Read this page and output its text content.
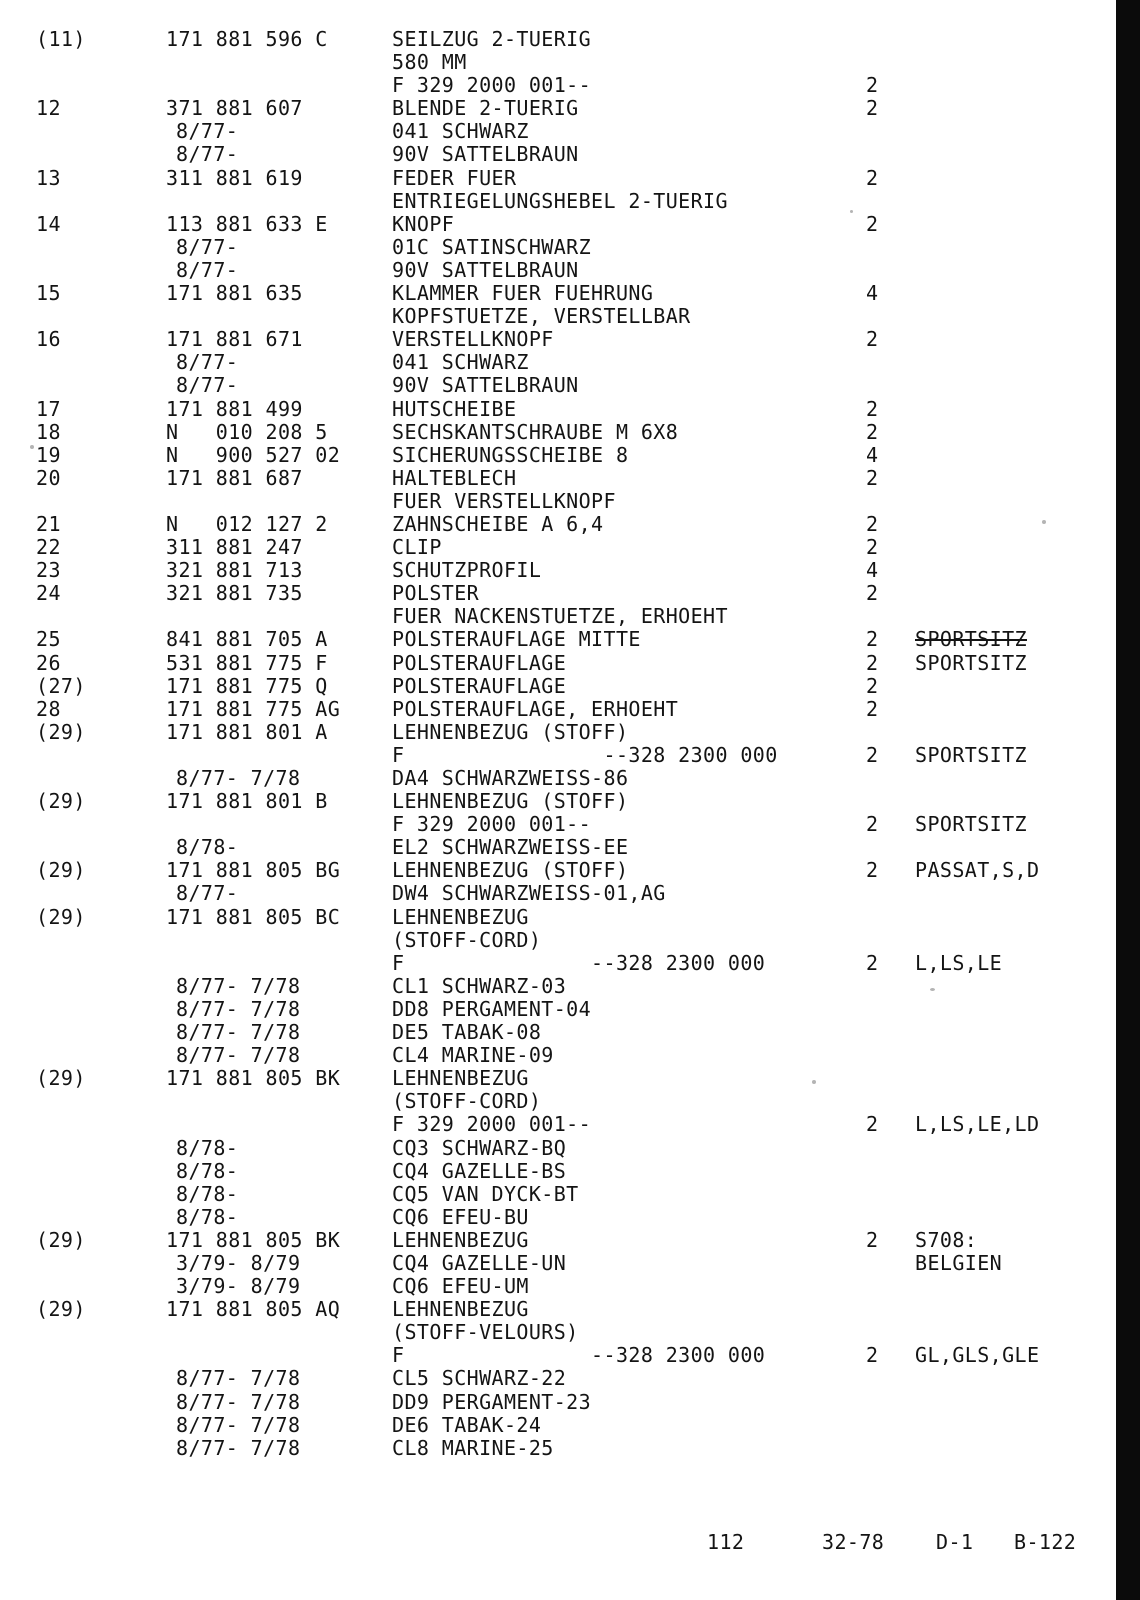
(11)	171 881 596 C	SEILZUG 2-TUERIG
580 MM
F 329 2000 001--	2
12	371 881 607	BLENDE 2-TUERIG	2
8/77-	041 SCHWARZ
8/77-	90V SATTELBRAUN
13	311 881 619	FEDER FUER	2
ENTRIEGELUNGSHEBEL 2-TUERIG
14	113 881 633 E	KNOPF	2
8/77-	01C SATINSCHWARZ
8/77-	90V SATTELBRAUN
15	171 881 635	KLAMMER FUER FUEHRUNG	4
KOPFSTUETZE, VERSTELLBAR
16	171 881 671	VERSTELLKNOPF	2
8/77-	041 SCHWARZ
8/77-	90V SATTELBRAUN
17	171 881 499	HUTSCHEIBE	2
18	N   010 208 5	SECHSKANTSCHRAUBE M 6X8	2
19	N   900 527 02	SICHERUNGSSCHEIBE 8	4
20	171 881 687	HALTEBLECH	2
FUER VERSTELLKNOPF
21	N   012 127 2	ZAHNSCHEIBE A 6,4	2
22	311 881 247	CLIP	2
23	321 881 713	SCHUTZPROFIL	4
24	321 881 735	POLSTER	2
FUER NACKENSTUETZE, ERHOEHT
25	841 881 705 A	POLSTERAUFLAGE MITTE	2 SPORTSITZ
26	531 881 775 F	POLSTERAUFLAGE	2 SPORTSITZ
(27)	171 881 775 Q	POLSTERAUFLAGE	2
28	171 881 775 AG	POLSTERAUFLAGE, ERHOEHT	2
(29)	171 881 801 A	LEHNENBEZUG (STOFF)
F                --328 2300 000	2 SPORTSITZ
8/77- 7/78	DA4 SCHWARZWEISS-86
(29)	171 881 801 B	LEHNENBEZUG (STOFF)
F 329 2000 001--	2 SPORTSITZ
8/78-	EL2 SCHWARZWEISS-EE
(29)	171 881 805 BG	LEHNENBEZUG (STOFF)	2 PASSAT,S,D
8/77-	DW4 SCHWARZWEISS-01,AG
(29)	171 881 805 BC	LEHNENBEZUG
(STOFF-CORD)
F               --328 2300 000	2 L,LS,LE
8/77- 7/78	CL1 SCHWARZ-03
8/77- 7/78	DD8 PERGAMENT-04
8/77- 7/78	DE5 TABAK-08
8/77- 7/78	CL4 MARINE-09
(29)	171 881 805 BK	LEHNENBEZUG
(STOFF-CORD)
F 329 2000 001--	2 L,LS,LE,LD
8/78-	CQ3 SCHWARZ-BQ
8/78-	CQ4 GAZELLE-BS
8/78-	CQ5 VAN DYCK-BT
8/78-	CQ6 EFEU-BU
(29)	171 881 805 BK	LEHNENBEZUG	2 S708:
3/79- 8/79	CQ4 GAZELLE-UN	BELGIEN
3/79- 8/79	CQ6 EFEU-UM
(29)	171 881 805 AQ	LEHNENBEZUG
(STOFF-VELOURS)
F               --328 2300 000	2 GL,GLS,GLE
8/77- 7/78	CL5 SCHWARZ-22
8/77- 7/78	DD9 PERGAMENT-23
8/77- 7/78	DE6 TABAK-24
8/77- 7/78	CL8 MARINE-25
112	32-78	D-1 B-122
